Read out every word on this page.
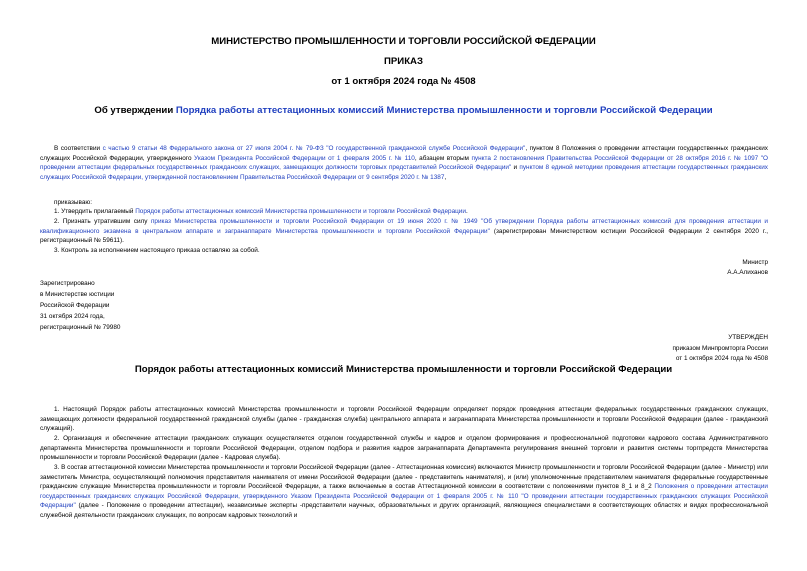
МИНИСТЕРСТВО ПРОМЫШЛЕННОСТИ И ТОРГОВЛИ РОССИЙСКОЙ ФЕДЕРАЦИИ

ПРИКАЗ

от 1 октября 2024 года № 4508

Об утверждении Порядка работы аттестационных комиссий Министерства промышленности и торговли Российской Федерации

В соответствии с частью 9 статьи 48 Федерального закона от 27 июля 2004 г. № 79-ФЗ "О государственной гражданской службе Российской Федерации", пунктом 8 Положения о проведении аттестации государственных гражданских служащих Российской Федерации, утвержденного Указом Президента Российской Федерации от 1 февраля 2005 г. № 110, абзацем вторым пункта 2 постановления Правительства Российской Федерации от 28 октября 2016 г. № 1097 "О проведении аттестации федеральных государственных гражданских служащих, замещающих должности торговых представителей Российской Федерации" и пунктом 8 единой методики проведения аттестации государственных гражданских служащих Российской Федерации, утвержденной постановлением Правительства Российской Федерации от 9 сентября 2020 г. № 1387,

приказываю:

1. Утвердить прилагаемый Порядок работы аттестационных комиссий Министерства промышленности и торговли Российской Федерации.

2. Признать утратившим силу приказ Министерства промышленности и торговли Российской Федерации от 19 июня 2020 г. № 1949 "Об утверждении Порядка работы аттестационных комиссий для проведения аттестации и квалификационного экзамена в центральном аппарате и загранаппарате Министерства промышленности и торговли Российской Федерации" (зарегистрирован Министерством юстиции Российской Федерации 2 сентября 2020 г., регистрационный № 59611).

3. Контроль за исполнением настоящего приказа оставляю за собой.

Министр

А.А.Алиханов

Зарегистрировано

в Министерстве юстиции

Российской Федерации

31 октября 2024 года,

регистрационный № 79980

УТВЕРЖДЕН

приказом Минпромторга России

от 1 октября 2024 года № 4508

Порядок работы аттестационных комиссий Министерства промышленности и торговли Российской Федерации

1. Настоящий Порядок работы аттестационных комиссий Министерства промышленности и торговли Российской Федерации определяет порядок проведения аттестации федеральных государственных гражданских служащих, замещающих должности федеральной государственной гражданской службы (далее - гражданская служба) центрального аппарата и загранаппарата Министерства промышленности и торговли Российской Федерации (далее - гражданский служащий).

2. Организация и обеспечение аттестации гражданских служащих осуществляется отделом государственной службы и кадров и отделом формирования и профессиональной подготовки кадрового состава Административного департамента Министерства промышленности и торговли Российской Федерации, отделом подбора и развития кадров загранаппарата Департамента регулирования внешней торговли и развития системы торгпредств Министерства промышленности и торговли Российской Федерации (далее - Кадровая служба).

3. В состав аттестационной комиссии Министерства промышленности и торговли Российской Федерации (далее - Аттестационная комиссия) включаются Министр промышленности и торговли Российской Федерации (далее - Министр) или заместитель Министра, осуществляющий полномочия представителя нанимателя от имени Российской Федерации (далее - представитель нанимателя), и (или) уполномоченные представителем нанимателя федеральные государственные гражданские служащие Министерства промышленности и торговли Российской Федерации, а также включаемые в состав Аттестационной комиссии в соответствии с положениями пунктов 8_1 и 8_2 Положения о проведении аттестации государственных гражданских служащих Российской Федерации, утвержденного Указом Президента Российской Федерации от 1 февраля 2005 г. № 110 "О проведении аттестации государственных гражданских служащих Российской Федерации" (далее - Положение о проведении аттестации), независимые эксперты -представители научных, образовательных и других организаций, являющиеся специалистами в соответствующих областях и видах профессиональной служебной деятельности гражданских служащих, по вопросам кадровых технологий и
